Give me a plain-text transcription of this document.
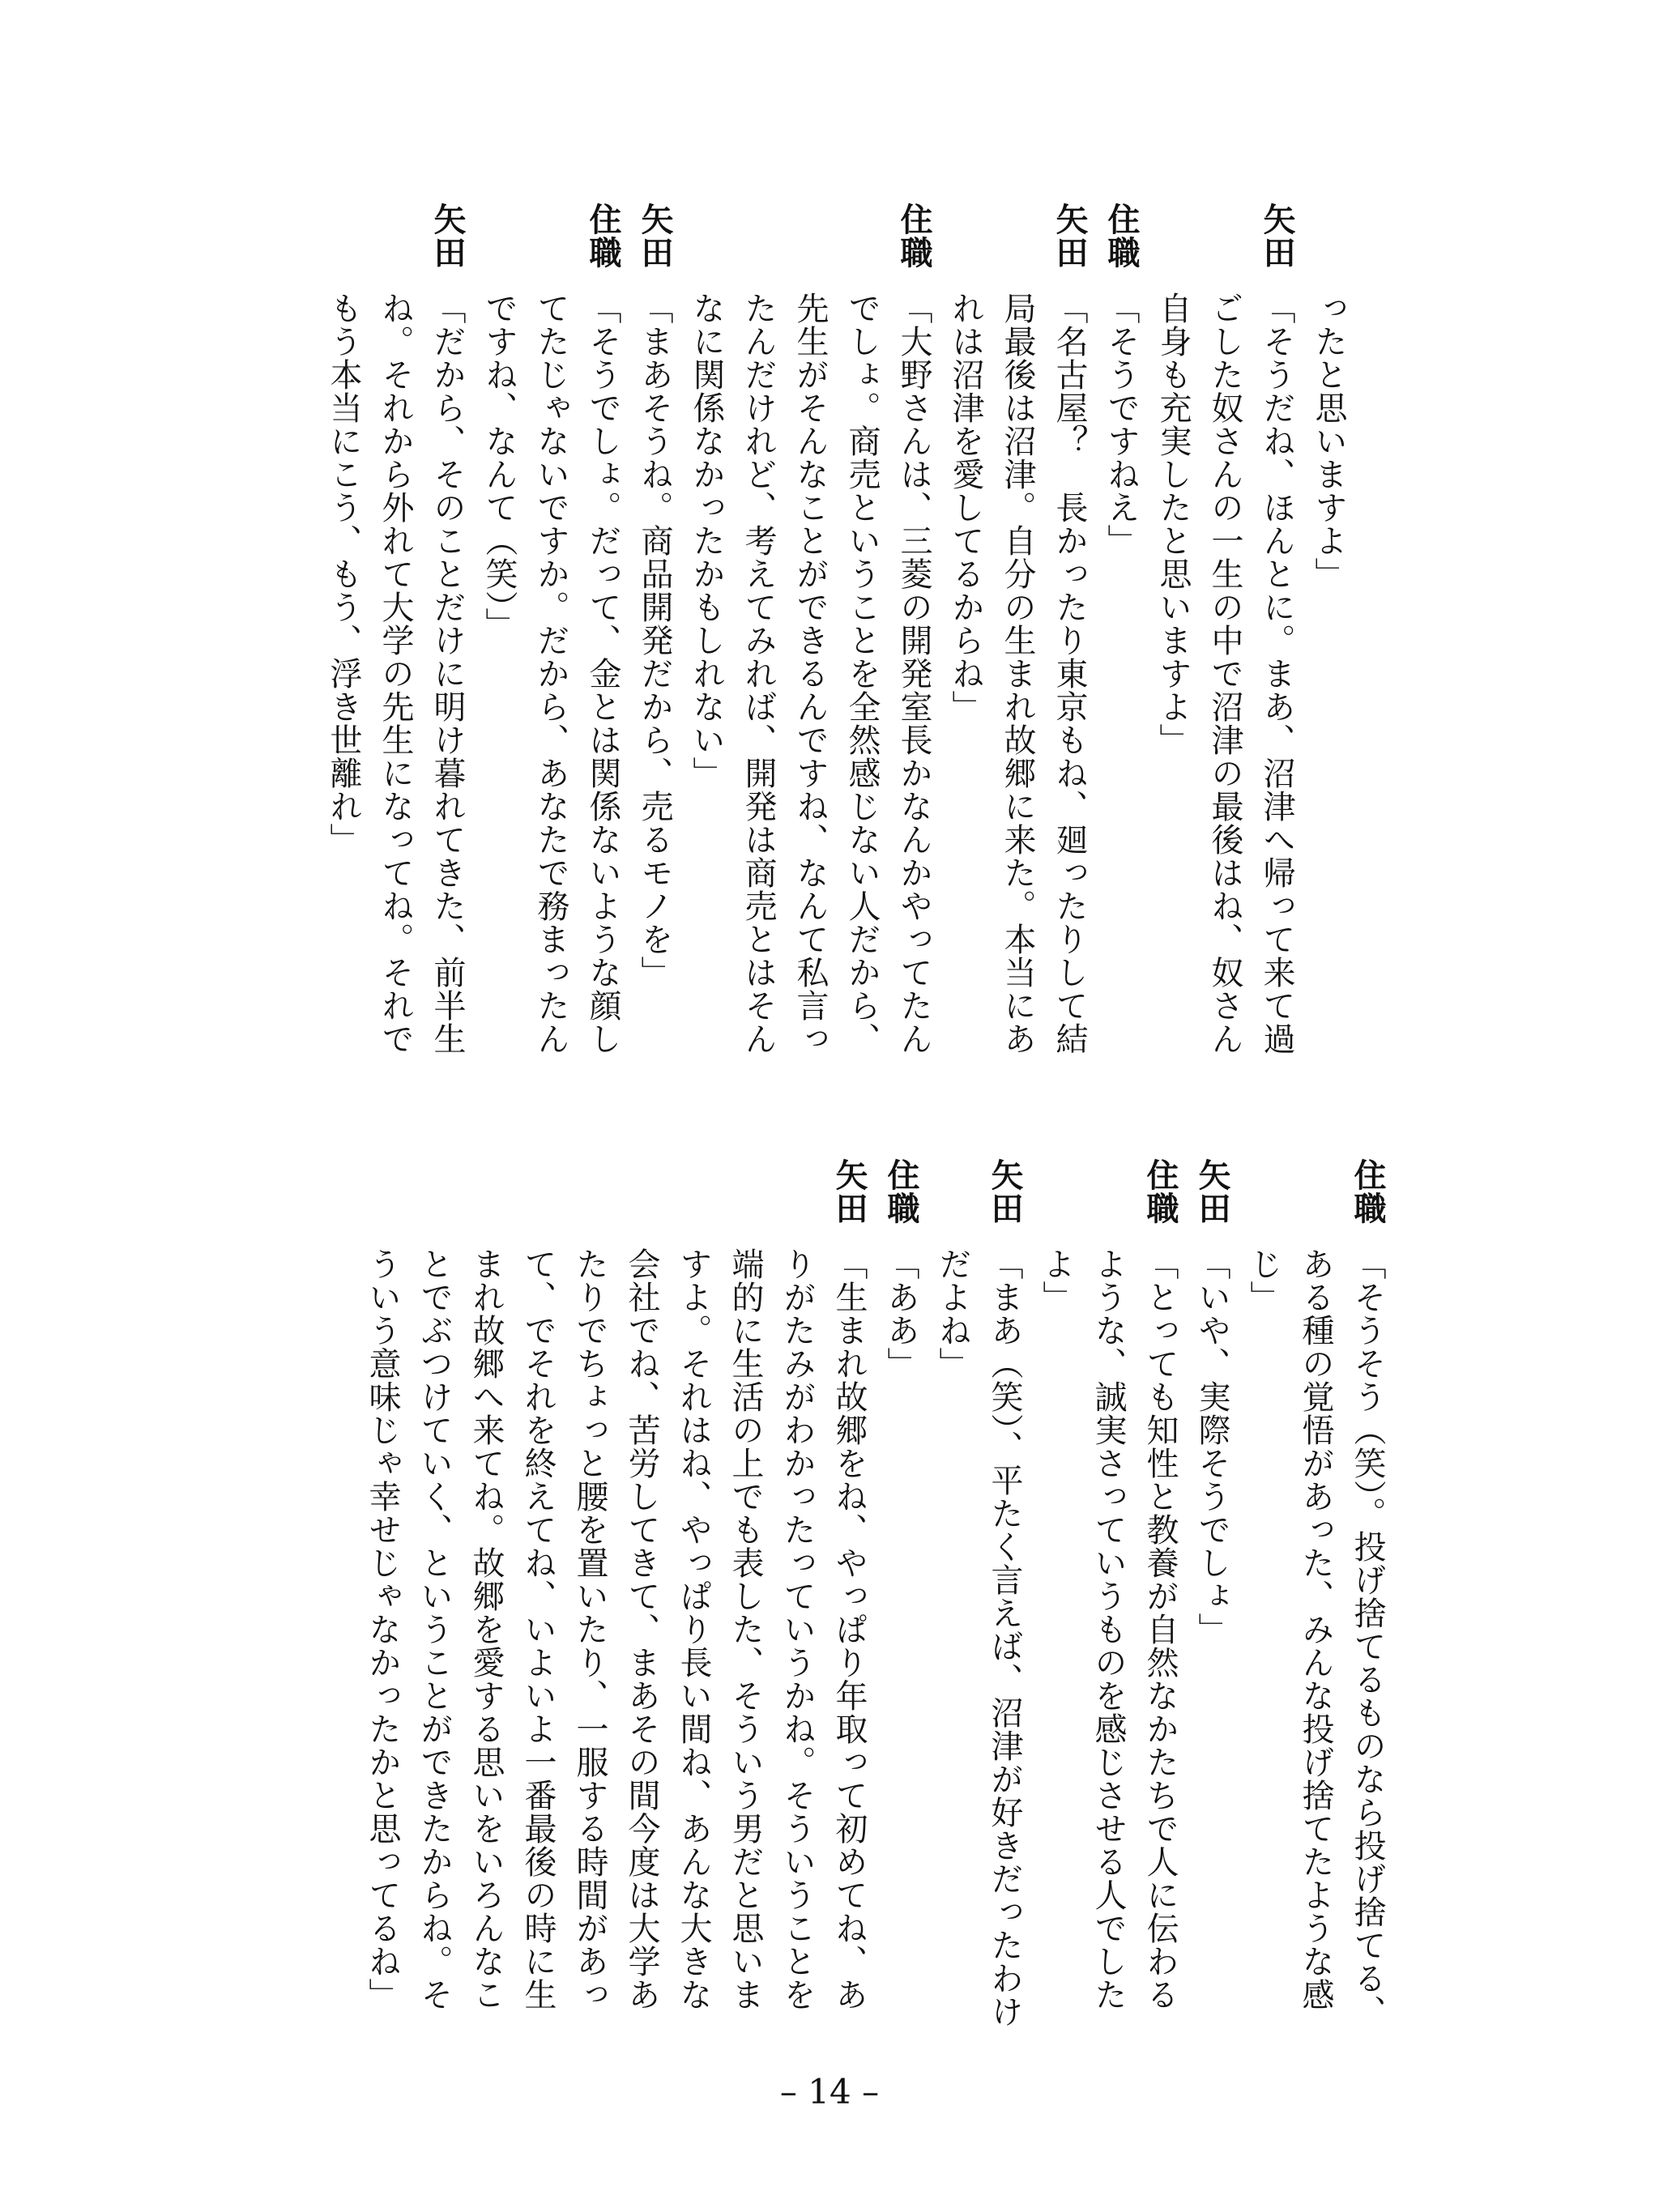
ったと思いますよ」
矢田「そうだね、ほんとに。まあ、沼津へ帰って来て過
ごした奴さんの一生の中で沼津の最後はね、奴さん
自身も充実したと思いますよ」
住職「そうですねえ」
矢田「名古屋？　長かったり東京もね、廻ったりして結
局最後は沼津。自分の生まれ故郷に来た。本当にあ
れは沼津を愛してるからね」
住職「大野さんは、三菱の開発室長かなんかやってたん
でしょ。商売ということを全然感じない人だから、
先生がそんなことができるんですね、なんて私言っ
たんだけれど、考えてみれば、開発は商売とはそん
なに関係なかったかもしれない」
矢田「まあそうね。商品開発だから、売るモノを」
住職「そうでしょ。だって、金とは関係ないような顔し
てたじゃないですか。だから、あなたで務まったん
ですね、なんて（笑）」
矢田「だから、そのことだけに明け暮れてきた、前半生
ね。それから外れて大学の先生になってね。それで
もう本当にこう、もう、浮き世離れ」
住職「そうそう（笑）。投げ捨てるものなら投げ捨てる、
ある種の覚悟があった、みんな投げ捨てたような感
じ」
矢田「いや、実際そうでしょ」
住職「とっても知性と教養が自然なかたちで人に伝わる
ような、誠実さっていうものを感じさせる人でした
よ」
矢田「まあ（笑）、平たく言えば、沼津が好きだったわけ
だよね」
住職「ああ」
矢田「生まれ故郷をね、やっぱり年取って初めてね、あ
りがたみがわかったっていうかね。そういうことを
端的に生活の上でも表した、そういう男だと思いま
すよ。それはね、やっぱり長い間ね、あんな大きな
会社でね、苦労してきて、まあその間今度は大学あ
たりでちょっと腰を置いたり、一服する時間があっ
て、でそれを終えてね、いよいよ一番最後の時に生
まれ故郷へ来てね。故郷を愛する思いをいろんなこ
とでぶつけていく、ということができたからね。そ
ういう意味じゃ幸せじゃなかったかと思ってるね」
– 14 –
